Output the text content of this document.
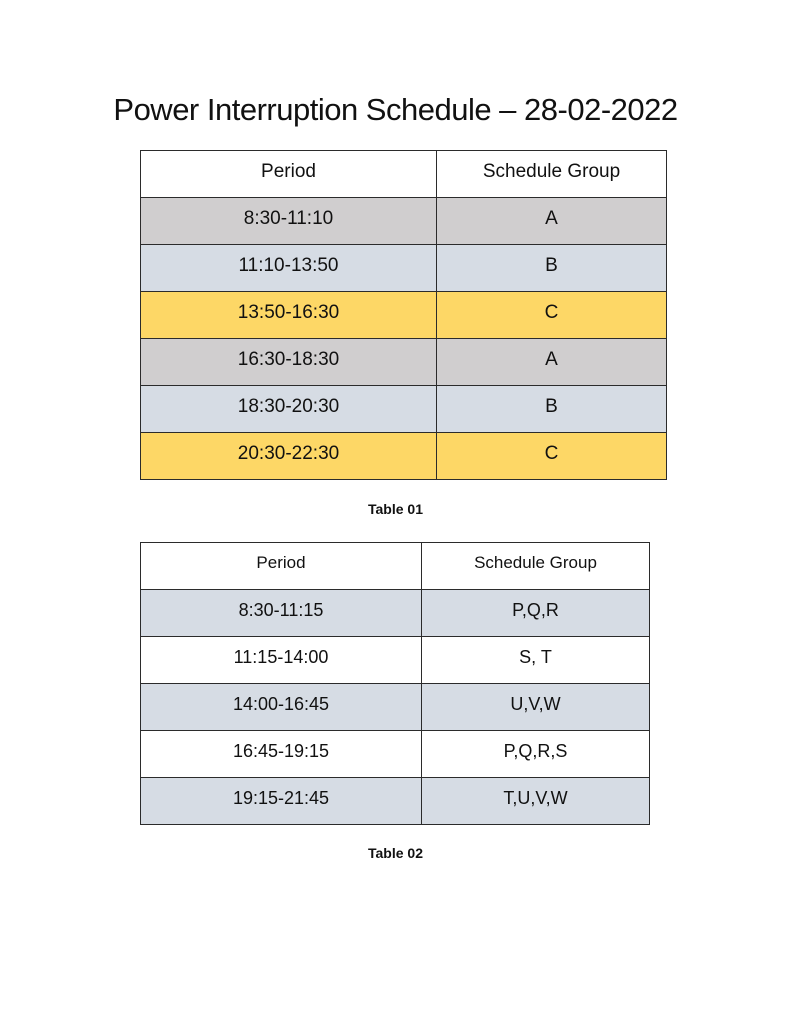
Power Interruption Schedule – 28-02-2022
Period	Schedule Group
8:30-11:10	A
11:10-13:50	B
13:50-16:30	C
16:30-18:30	A
18:30-20:30	B
20:30-22:30	C
Table 01
Period	Schedule Group
8:30-11:15	P,Q,R
11:15-14:00	S, T
14:00-16:45	U,V,W
16:45-19:15	P,Q,R,S
19:15-21:45	T,U,V,W
Table 02
